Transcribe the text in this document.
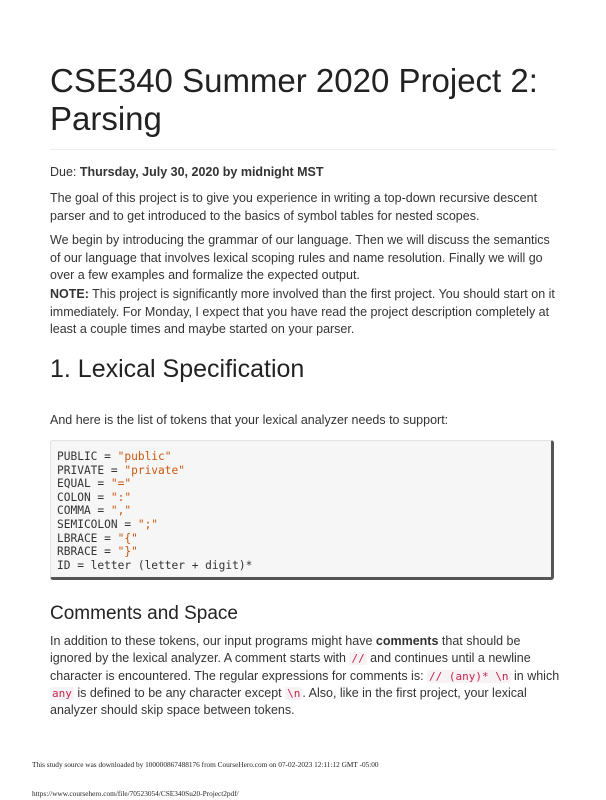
CSE340 Summer 2020 Project 2: Parsing

Due: Thursday, July 30, 2020 by midnight MST

The goal of this project is to give you experience in writing a top-down recursive descent parser and to get introduced to the basics of symbol tables for nested scopes.

We begin by introducing the grammar of our language. Then we will discuss the semantics of our language that involves lexical scoping rules and name resolution. Finally we will go over a few examples and formalize the expected output.

NOTE: This project is significantly more involved than the first project. You should start on it immediately. For Monday, I expect that you have read the project description completely at least a couple times and maybe started on your parser.

1. Lexical Specification

And here is the list of tokens that your lexical analyzer needs to support:

PUBLIC = "public"
PRIVATE = "private"
EQUAL = "="
COLON = ":"
COMMA = ","
SEMICOLON = ";"
LBRACE = "{"
RBRACE = "}"
ID = letter (letter + digit)*
Comments and Space

In addition to these tokens, our input programs might have comments that should be ignored by the lexical analyzer. A comment starts with // and continues until a newline character is encountered. The regular expressions for comments is: // (any)* \n in which any is defined to be any character except \n . Also, like in the first project, your lexical analyzer should skip space between tokens.

This study source was downloaded by 100000867488176 from CourseHero.com on 07-02-2023 12:11:12 GMT -05:00

https://www.coursehero.com/file/70523054/CSE340Su20-Project2pdf/
